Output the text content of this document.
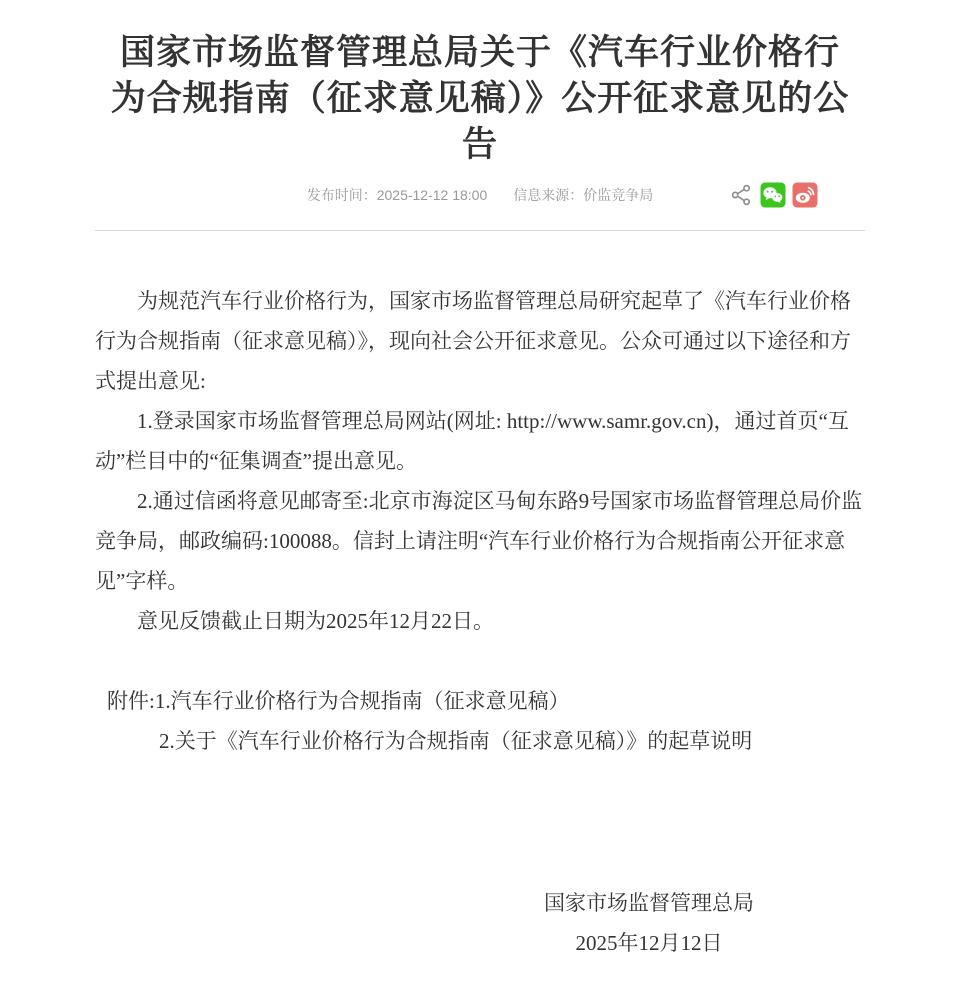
国家市场监督管理总局关于《汽车行业价格行为合规指南（征求意见稿）》公开征求意见的公告
发布时间：2025-12-12 18:00 信息来源：价监竞争局

为规范汽车行业价格行为，国家市场监督管理总局研究起草了《汽车行业价格行为合规指南（征求意见稿）》，现向社会公开征求意见。公众可通过以下途径和方式提出意见:

1.登录国家市场监督管理总局网站(网址: http://www.samr.gov.cn)，通过首页“互动”栏目中的“征集调查”提出意见。

2.通过信函将意见邮寄至:北京市海淀区马甸东路9号国家市场监督管理总局价监竞争局，邮政编码:100088。信封上请注明“汽车行业价格行为合规指南公开征求意见”字样。

意见反馈截止日期为2025年12月22日。

附件:1.汽车行业价格行为合规指南（征求意见稿）

2.关于《汽车行业价格行为合规指南（征求意见稿）》的起草说明

国家市场监督管理总局
2025年12月12日
